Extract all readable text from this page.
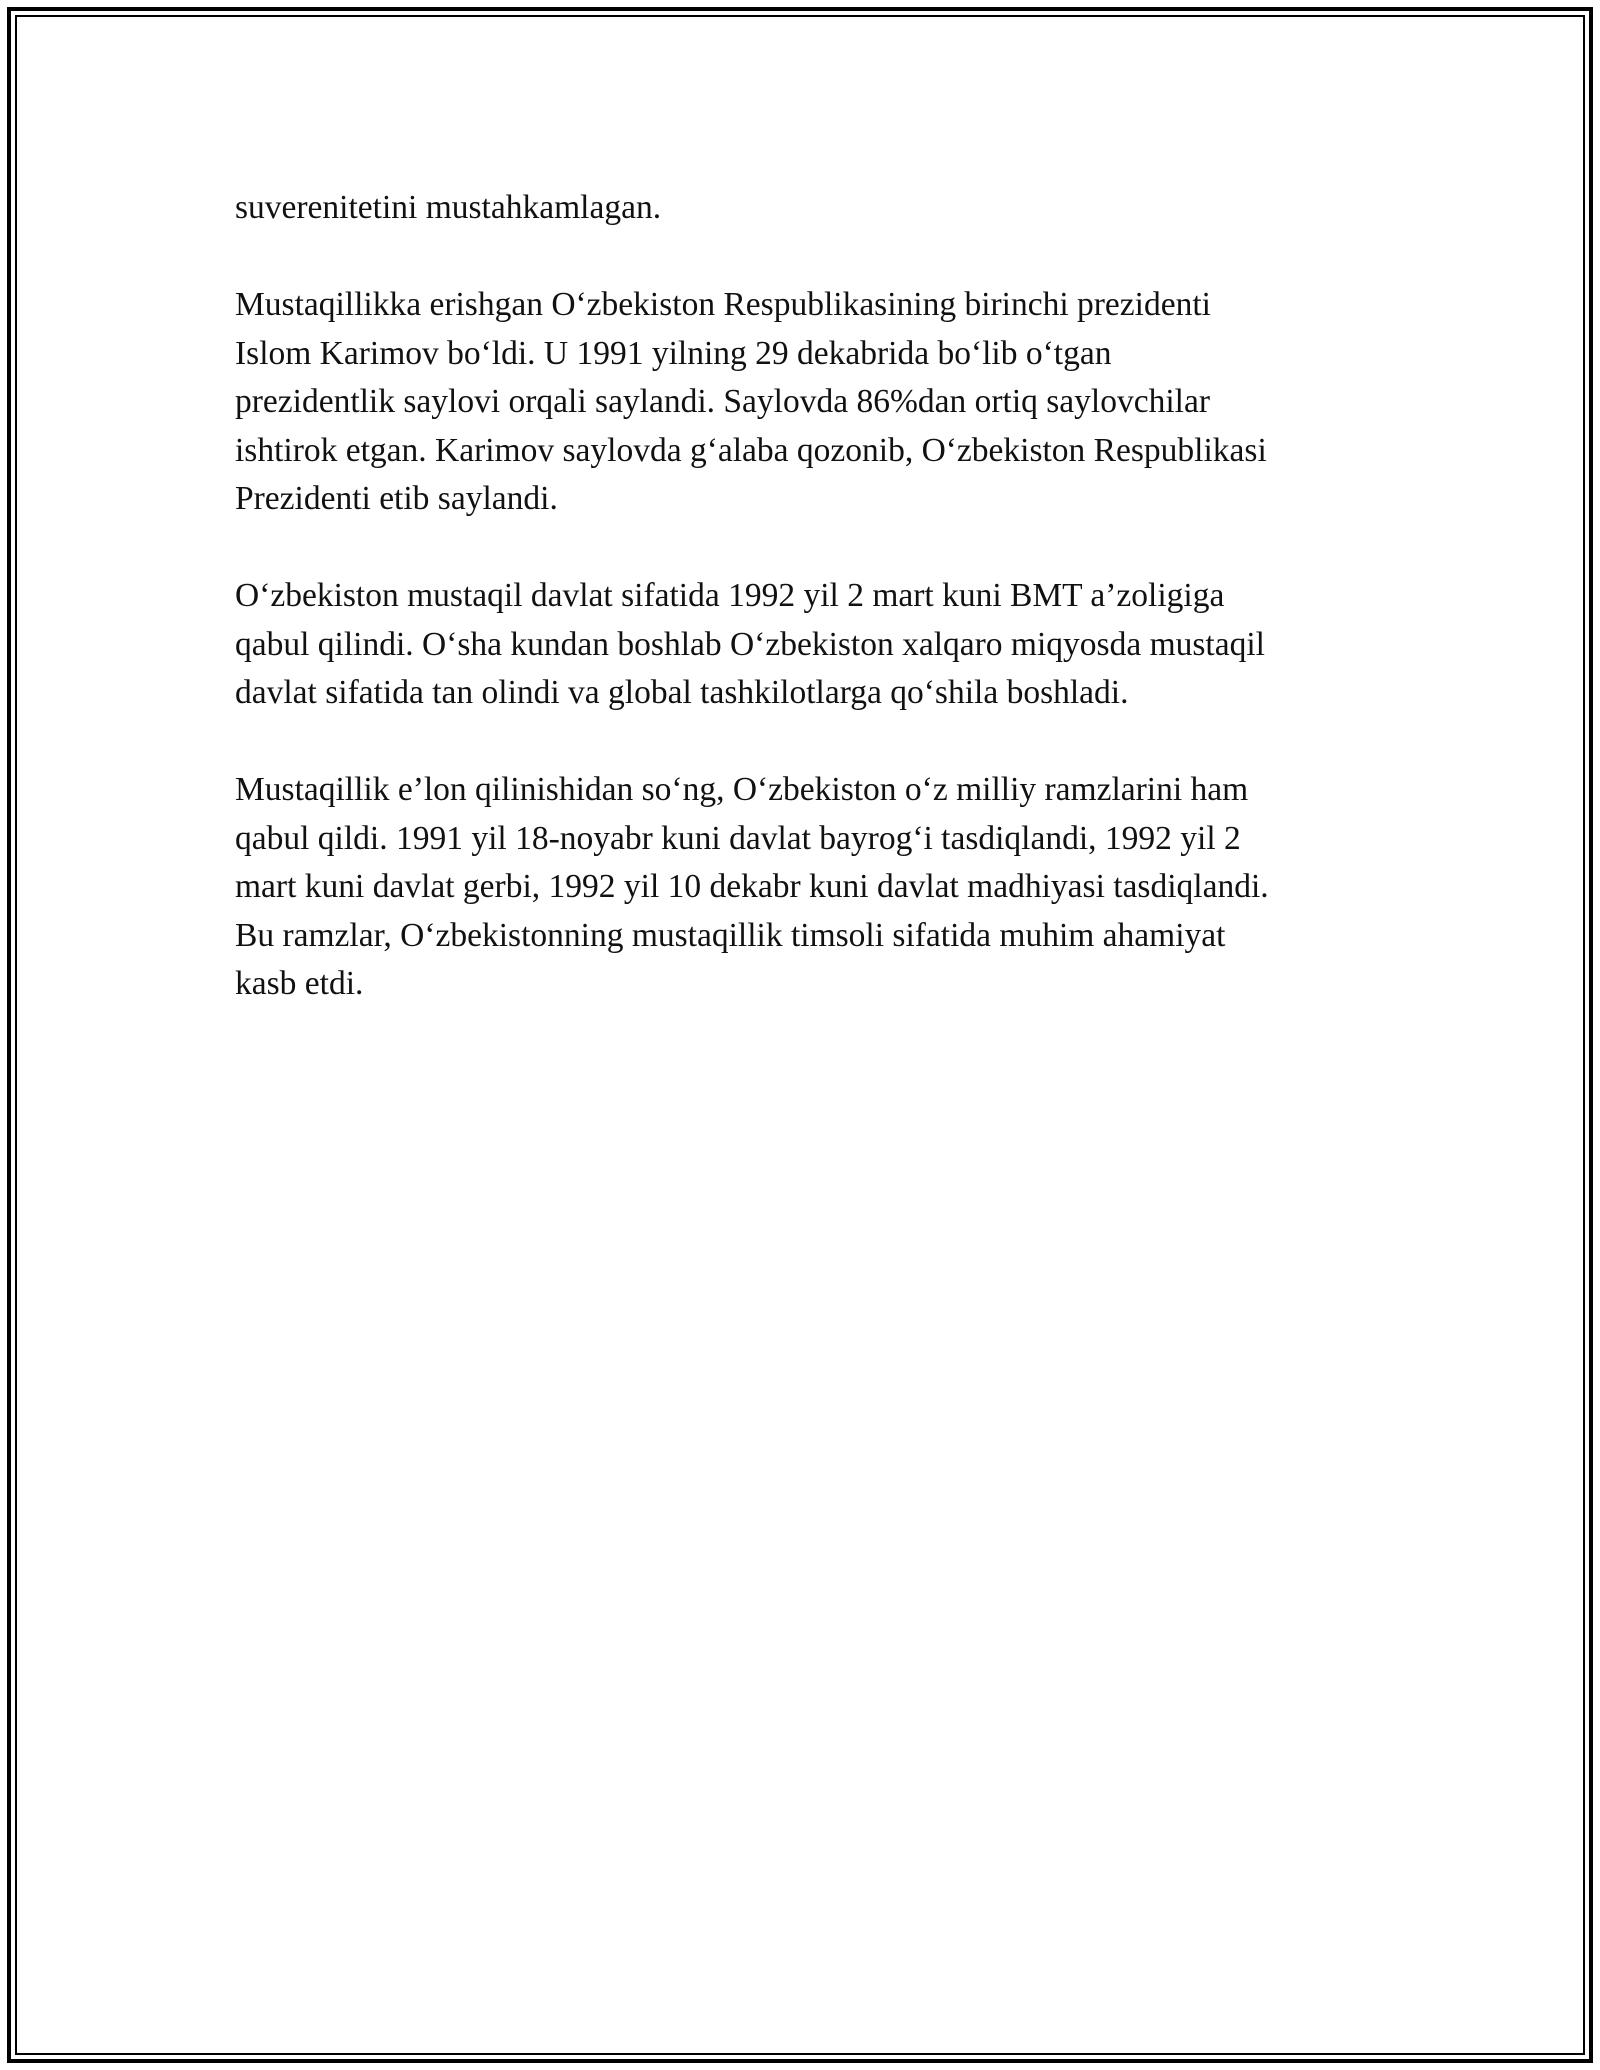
suverenitetini mustahkamlagan.

Mustaqillikka erishgan O‘zbekiston Respublikasining birinchi prezidenti
Islom Karimov bo‘ldi. U 1991 yilning 29 dekabrida bo‘lib o‘tgan
prezidentlik saylovi orqali saylandi. Saylovda 86%dan ortiq saylovchilar
ishtirok etgan. Karimov saylovda g‘alaba qozonib, O‘zbekiston Respublikasi
Prezidenti etib saylandi.

O‘zbekiston mustaqil davlat sifatida 1992 yil 2 mart kuni BMT a’zoligiga
qabul qilindi. O‘sha kundan boshlab O‘zbekiston xalqaro miqyosda mustaqil
davlat sifatida tan olindi va global tashkilotlarga qo‘shila boshladi.

Mustaqillik e’lon qilinishidan so‘ng, O‘zbekiston o‘z milliy ramzlarini ham
qabul qildi. 1991 yil 18-noyabr kuni davlat bayrog‘i tasdiqlandi, 1992 yil 2
mart kuni davlat gerbi, 1992 yil 10 dekabr kuni davlat madhiyasi tasdiqlandi.
Bu ramzlar, O‘zbekistonning mustaqillik timsoli sifatida muhim ahamiyat
kasb etdi.
